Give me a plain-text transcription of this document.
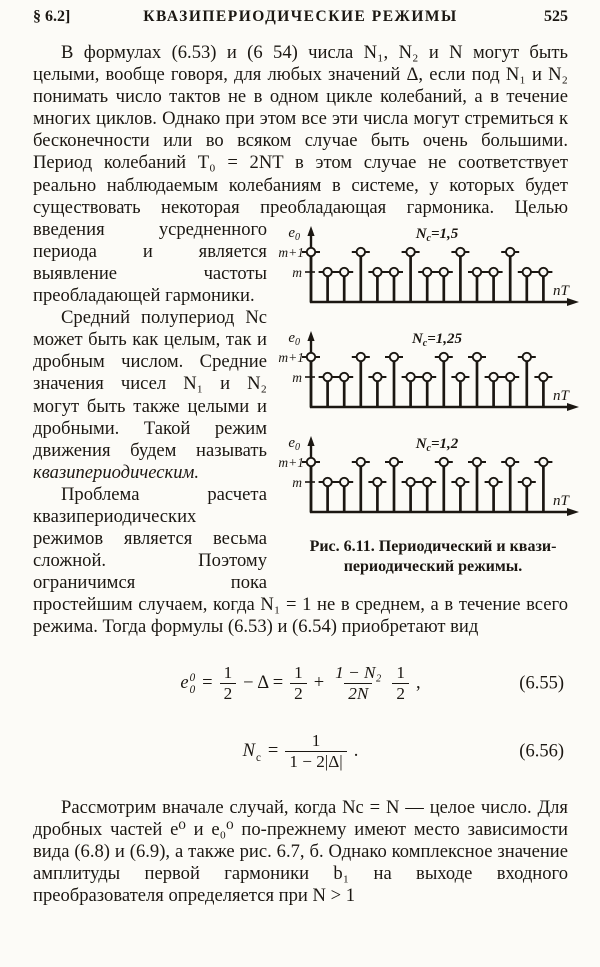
§ 6.2]	КВАЗИПЕРИОДИЧЕСКИЕ РЕЖИМЫ	525
В формулах (6.53) и (6 54) числа N₁, N₂ и N могут быть целыми, вообще говоря, для любых значений Δ, если под N₁ и N₂ понимать число тактов не в одном цикле колебаний, а в течение многих циклов. Однако при этом все эти числа могут стремиться к бесконечности или во всяком случае быть очень большими. Период колебаний T₀ = 2NT в этом случае не соответствует реально наблюдаемым колебаниям в системе, у которых будет существовать некоторая преобладающая гармоника. Целью введения	$e_0$
m+1
m
$N_c=1,5$
nT
$e_0$
m+1
m
$N_c=1,25$
nT
$e_0$
m+1
m
$N_c=1,2$
nT
Рис. 6.11. Периодический и квази-
периодический режимы.
усредненного периода и является выявление частоты преобладающей гармоники.
Средний полупериод Nс может быть как целым, так и дробным числом. Средние значения чисел N₁ и N₂ могут быть также целыми и дробными. Такой режим движения будем называть квазипериодическим.
Проблема расчета квазипериодических режимов является весьма сложной. Поэтому ограничимся пока простейшим случаем, когда N₁ = 1 не в среднем, а в течение всего режима. Тогда формулы (6.53) и (6.54) приобретают вид
e 0
$0 = \frac{1}{2} - \Delta = \frac{1}{2} + \frac{\text{1 − N₂}}{2N} \frac{1}{2}$ ,	(6.55)
N
$с = \frac{1}{1 - 2|\Delta|}$ .	(6.56)
Рассмотрим вначале случай, когда Nс = N — целое число. Для дробных частей e⁰ и e₀⁰ по-прежнему имеют место зависимости вида (6.8) и (6.9), а также рис. 6.7, б. Однако комплексное значение амплитуды первой гармоники b₁ на выходе входного преобразователя определяется при N > 1
